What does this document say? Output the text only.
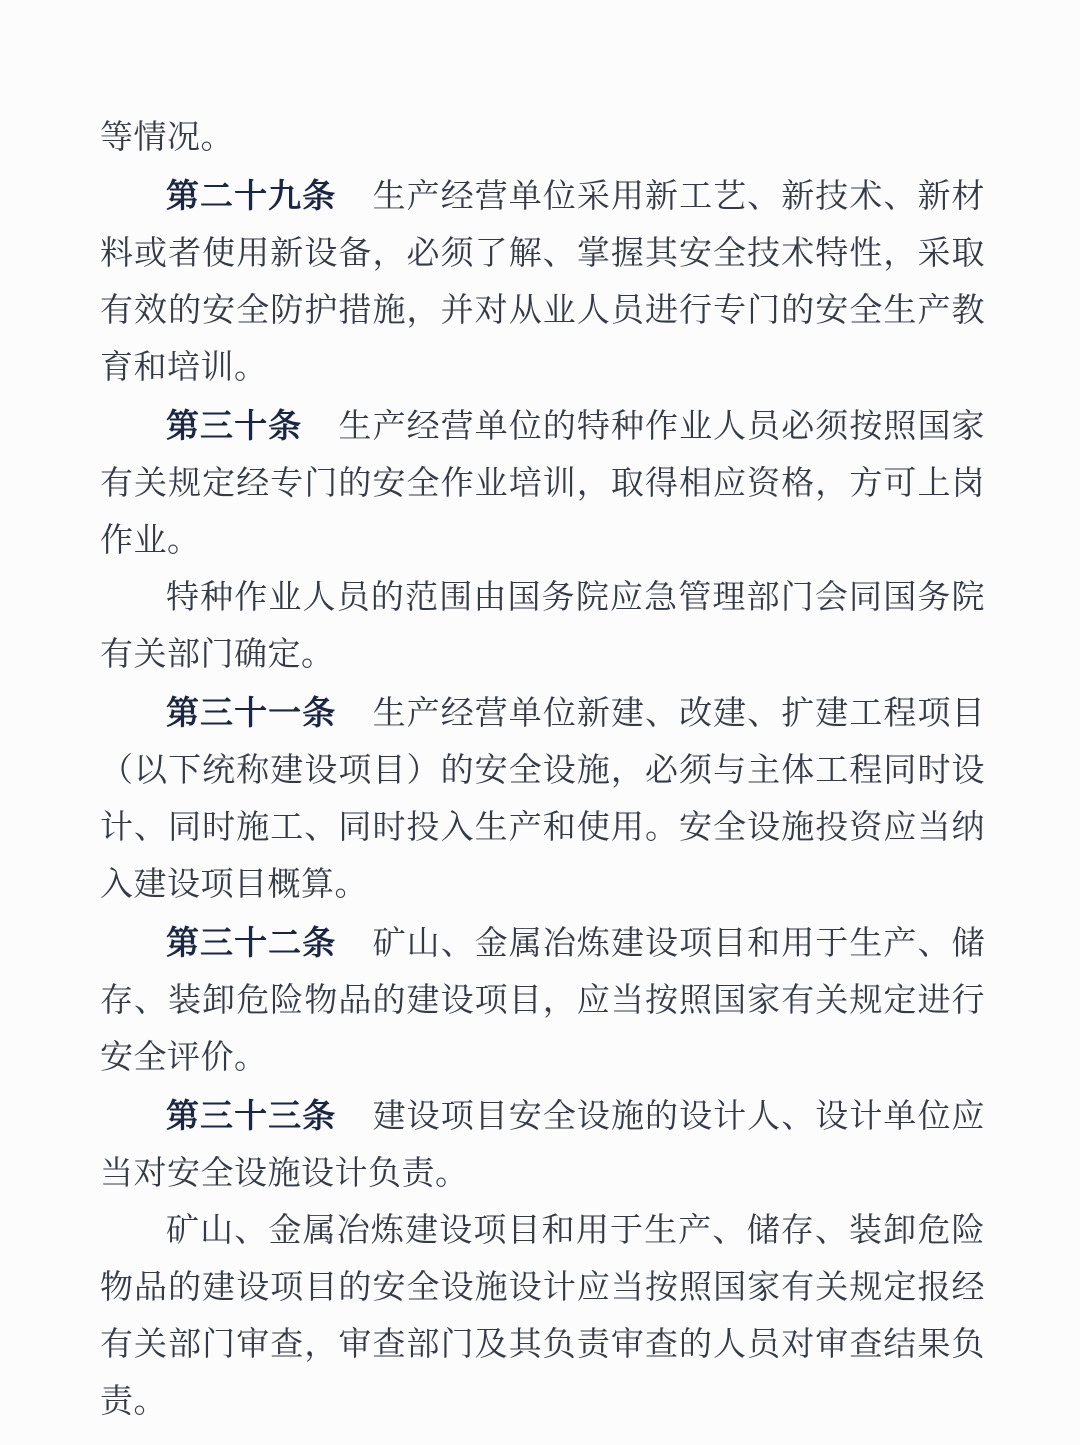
等情况。

第二十九条 生产经营单位采用新工艺、新技术、新材料或者使用新设备，必须了解、掌握其安全技术特性，采取有效的安全防护措施，并对从业人员进行专门的安全生产教育和培训。

第三十条 生产经营单位的特种作业人员必须按照国家有关规定经专门的安全作业培训，取得相应资格，方可上岗作业。

特种作业人员的范围由国务院应急管理部门会同国务院有关部门确定。

第三十一条 生产经营单位新建、改建、扩建工程项目（以下统称建设项目）的安全设施，必须与主体工程同时设计、同时施工、同时投入生产和使用。安全设施投资应当纳入建设项目概算。

第三十二条 矿山、金属冶炼建设项目和用于生产、储存、装卸危险物品的建设项目，应当按照国家有关规定进行安全评价。

第三十三条 建设项目安全设施的设计人、设计单位应当对安全设施设计负责。

矿山、金属冶炼建设项目和用于生产、储存、装卸危险物品的建设项目的安全设施设计应当按照国家有关规定报经有关部门审查，审查部门及其负责审查的人员对审查结果负责。
